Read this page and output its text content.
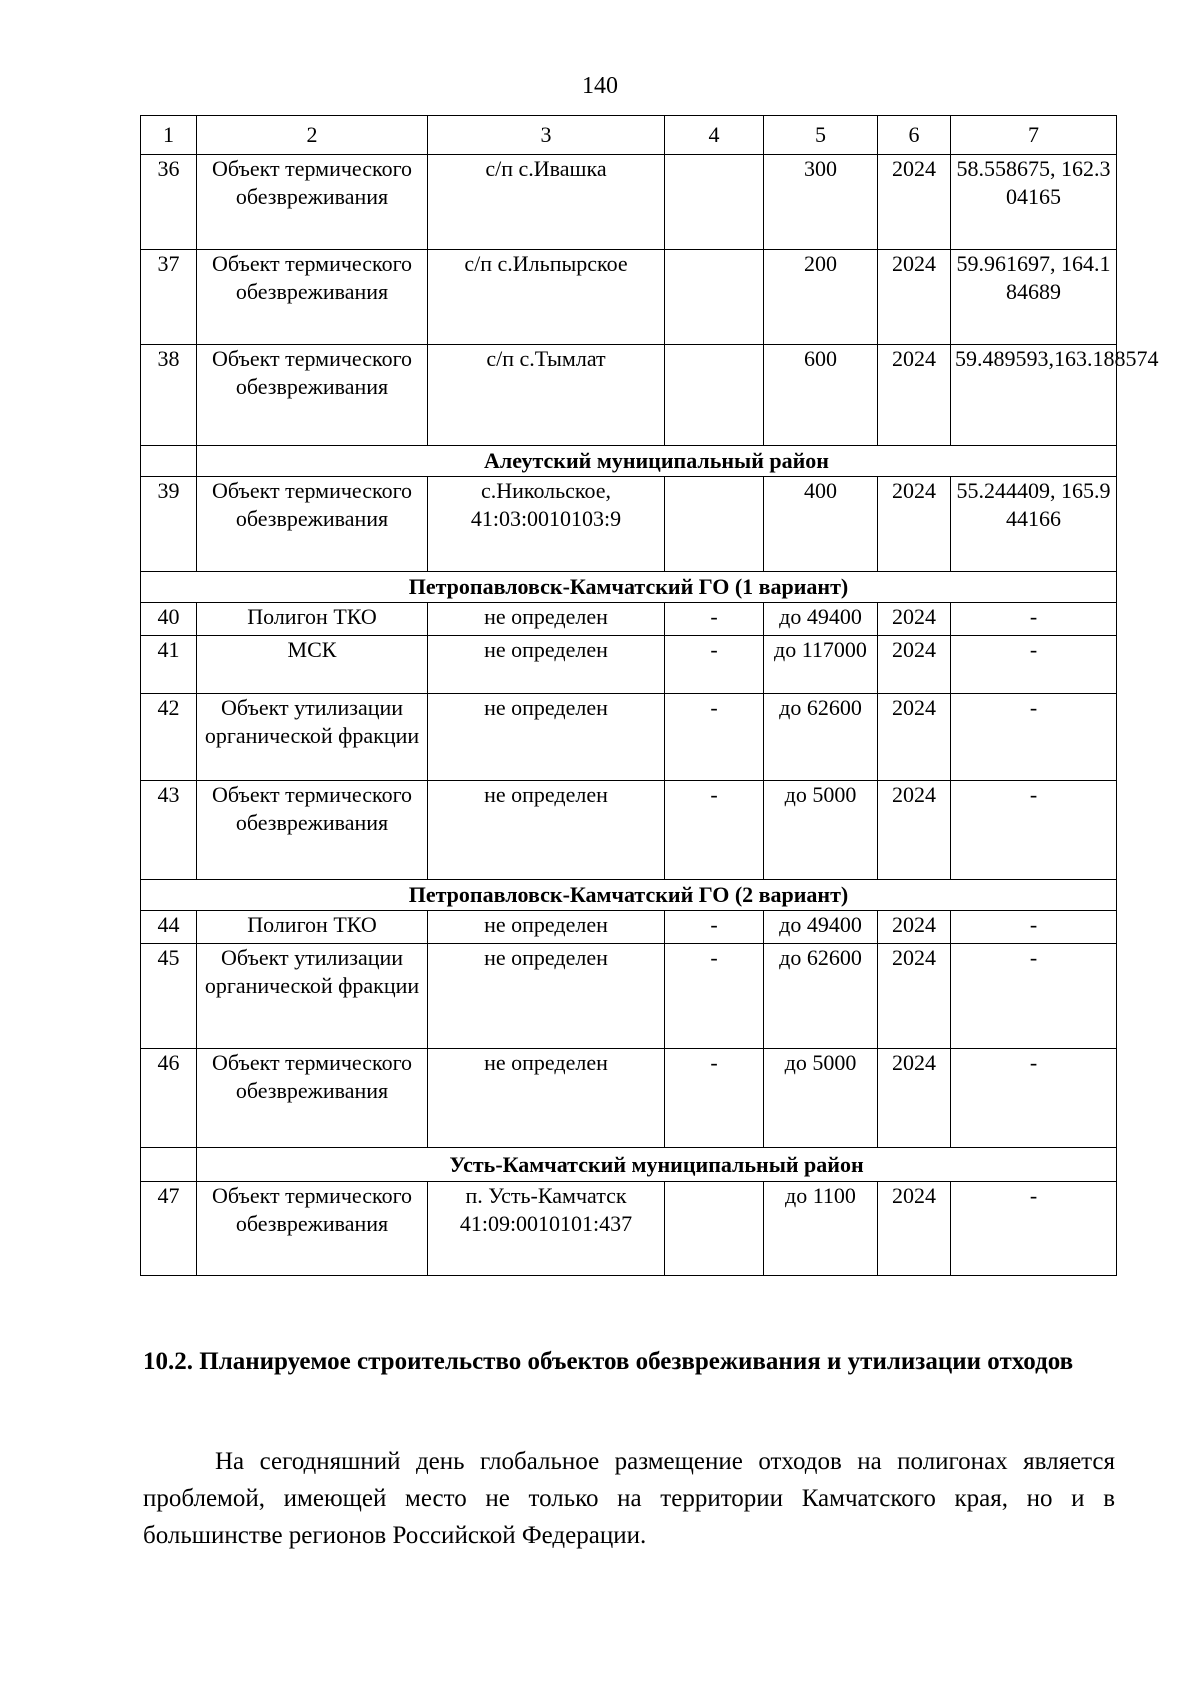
140
1	2	3	4	5	6	7
36	Объект термического обезвреживания	с/п с.Ивашка		300	2024	58.558675, 162.304165
37	Объект термического обезвреживания	с/п с.Ильпырское		200	2024	59.961697, 164.184689
38	Объект термического обезвреживания	с/п с.Тымлат		600	2024	59.489593,163.188574
	Алеутский муниципальный район					
39	Объект термического обезвреживания	с.Никольское, 41:03:0010103:9		400	2024	55.244409, 165.944166
Петропавловск-Камчатский ГО (1 вариант)						
40	Полигон ТКО	не определен	-	до 49400	2024	-
41	МСК	не определен	-	до 117000	2024	-
42	Объект утилизации органической фракции	не определен	-	до 62600	2024	-
43	Объект термического обезвреживания	не определен	-	до 5000	2024	-
Петропавловск-Камчатский ГО (2 вариант)						
44	Полигон ТКО	не определен	-	до 49400	2024	-
45	Объект утилизации органической фракции	не определен	-	до 62600	2024	-
46	Объект термического обезвреживания	не определен	-	до 5000	2024	-
	Усть-Камчатский муниципальный район					
47	Объект термического обезвреживания	п. Усть-Камчатск 41:09:0010101:437		до 1100	2024	-
10.2. Планируемое строительство объектов обезвреживания и утилизации отходов
На сегодняшний день глобальное размещение отходов на полигонах является проблемой, имеющей место не только на территории Камчатского края, но и в большинстве регионов Российской Федерации.
